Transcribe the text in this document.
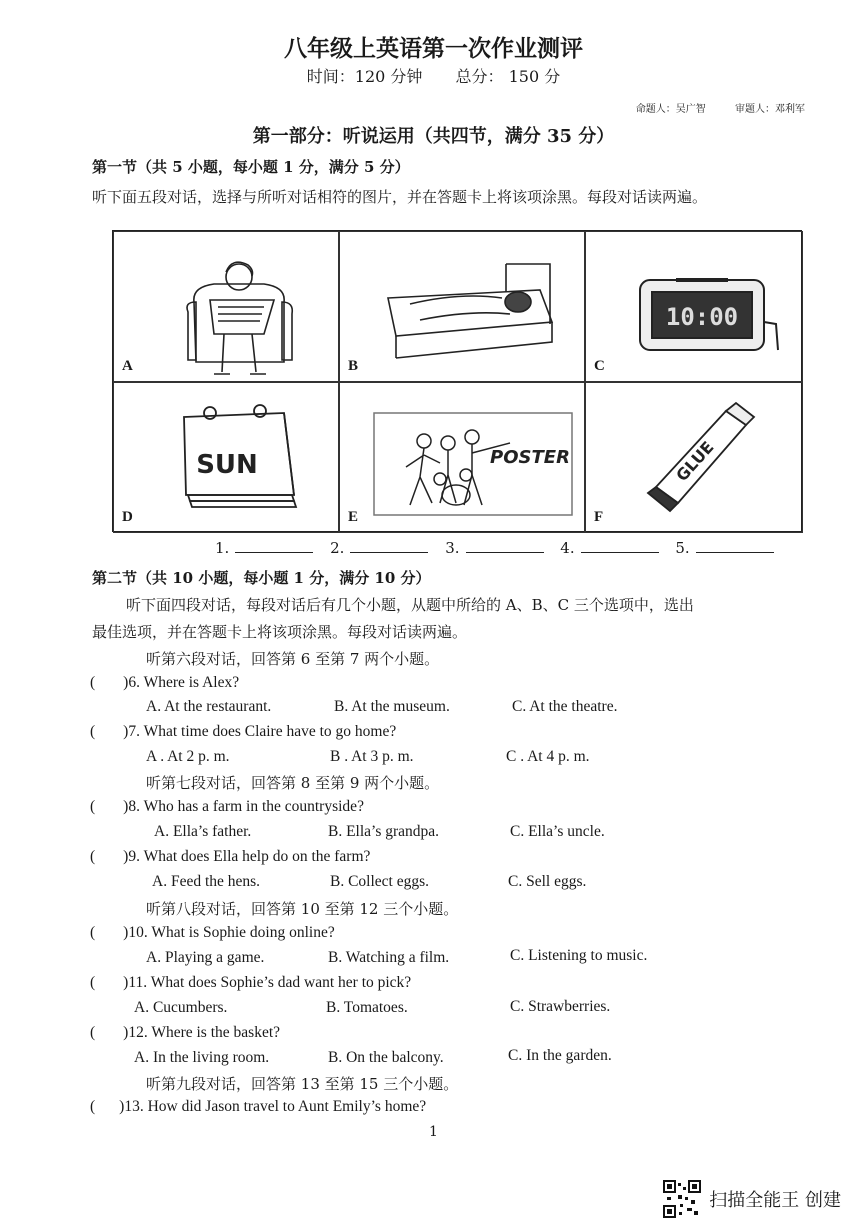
八年级上英语第一次作业测评
时间：120 分钟 总分： 150 分
命题人：吴广智	审题人：邓利军
第一部分：听说运用（共四节，满分 35 分）
第一节（共 5 小题，每小题 1 分，满分 5 分）
听下面五段对话，选择与所听对话相符的图片，并在答题卡上将该项涂黑。每段对话读两遍。
A	B
10:00
C
SUN
D
POSTER
E
GLUE
F
1.	2.	3.	4.	5.
第二节（共 10 小题，每小题 1 分，满分 10 分）
听下面四段对话，每段对话后有几个小题，从题中所给的 A、B、C 三个选项中，选出
最佳选项，并在答题卡上将该项涂黑。每段对话读两遍。
听第六段对话，回答第 6 至第 7 两个小题。
( )6. Where is Alex?
A. At the restaurant.	B. At the museum.	C. At the theatre.
( )7. What time does Claire have to go home?
A . At 2 p. m.	B . At 3 p. m.	C . At 4 p. m.
听第七段对话，回答第 8 至第 9 两个小题。
( )8. Who has a farm in the countryside?
A. Ella’s father.	B. Ella’s grandpa.	C. Ella’s uncle.
( )9. What does Ella help do on the farm?
A. Feed the hens.	B. Collect eggs.	C. Sell eggs.
听第八段对话，回答第 10 至第 12 三个小题。
( )10. What is Sophie doing online?
A. Playing a game.	B. Watching a film.	C. Listening to music.
( )11. What does Sophie’s dad want her to pick?
A. Cucumbers.	B. Tomatoes.	C. Strawberries.
( )12. Where is the basket?
A. In the living room.	B. On the balcony.	C. In the garden.
听第九段对话，回答第 13 至第 15 三个小题。
( )13. How did Jason travel to Aunt Emily’s home?
1
扫描全能王 创建
